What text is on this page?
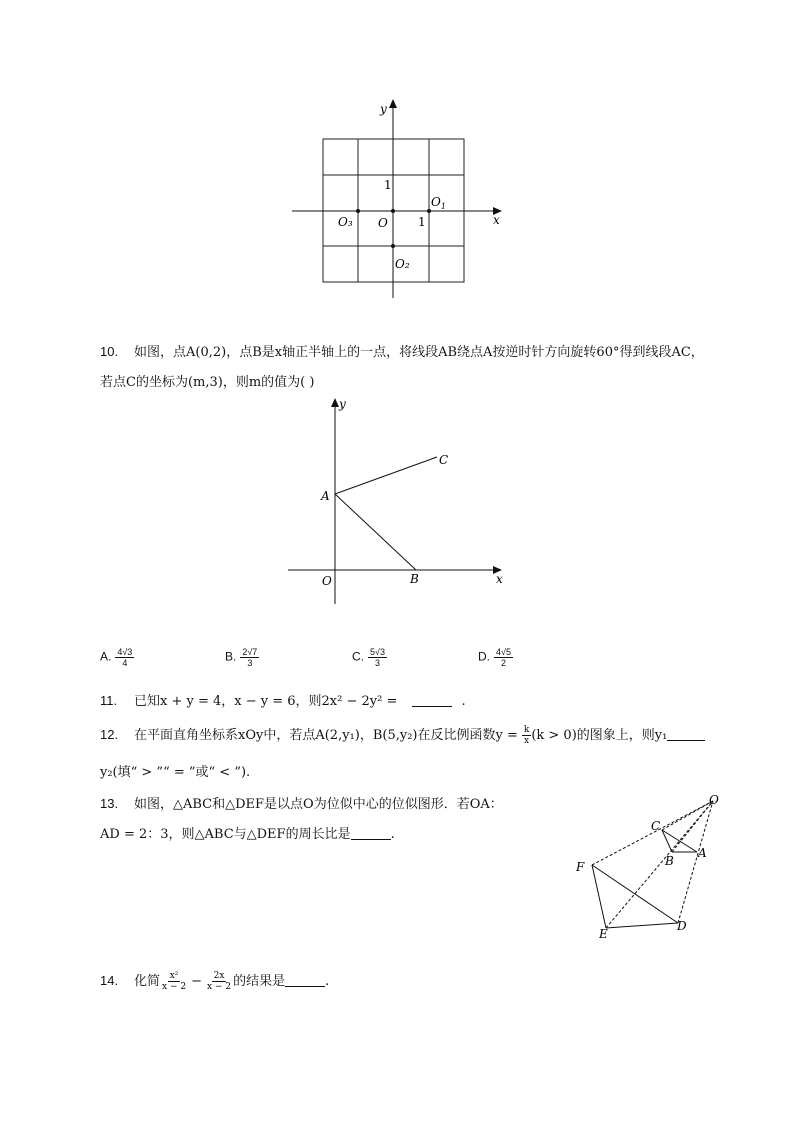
y
x
1
1
O
$O_1$
O₃
O₂
10. 如图，点A(0,2)，点B是x轴正半轴上的一点，将线段AB绕点A按逆时针方向旋转60°得到线段AC，
若点C的坐标为(m,3)，则m的值为( )
y
C
A
O	B	x
A. $\frac{4√3}{4}$	B. $\frac{2√7}{3}$	C. $\frac{5√3}{3}$	D. $\frac{4√5}{2}$
11. 已知x + y = 4，x − y = 6，则2x² − 2y² =	.
12. 在平面直角坐标系xOy中，若点A(2,y₁)，B(5,y₂)在反比例函数$y = \frac{k}{x} (k > 0)$的图象上，则y₁
y₂(填“ > ”“ = ”或“ < ”).
13. 如图，△ABC和△DEF是以点O为位似中心的位似图形．若OA：
AD = 2：3，则△ABC与△DEF的周长比是	.
O
C
B
A
F
E
D
14. 化简 $\frac{\text{x²}}{x - 2} - \frac{2x}{x - 2}$ 的结果是	.
